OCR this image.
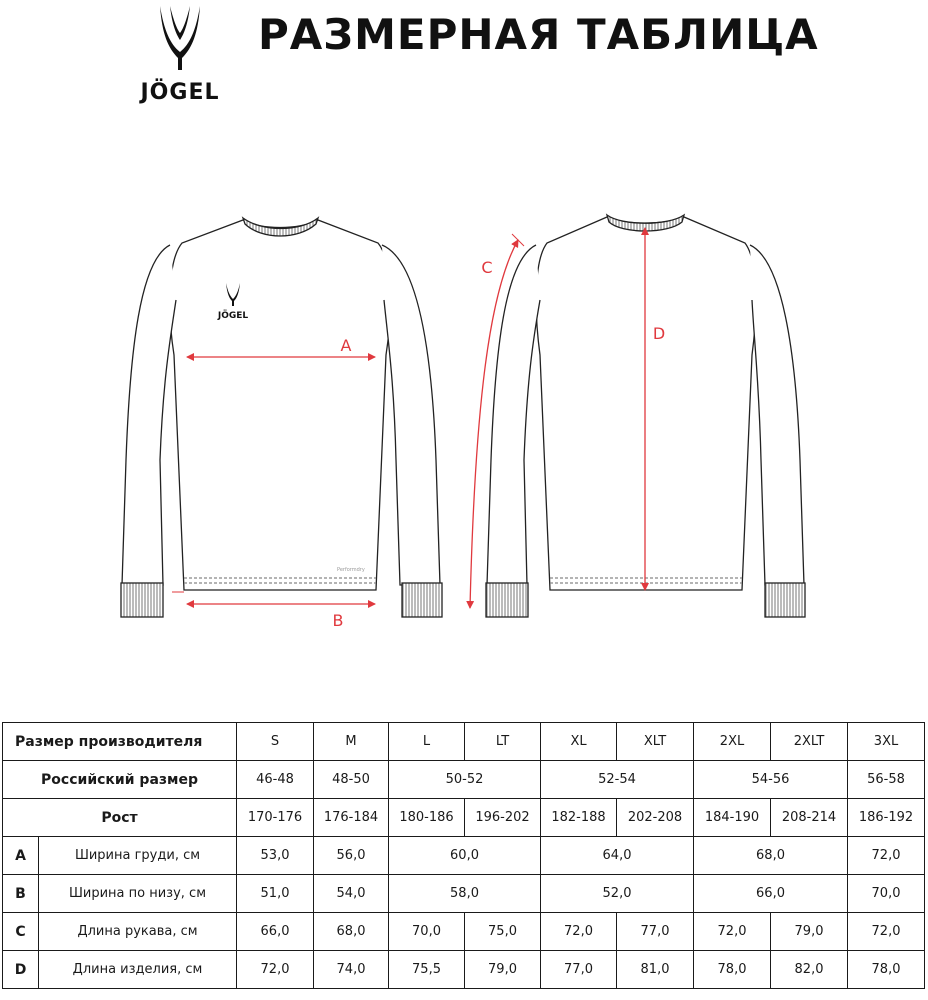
JÖGEL
РАЗМЕРНАЯ ТАБЛИЦА
JÖGEL
Performdry
A
B
C
D
Размер производителя		S	M	L	LT	XL	XLT	2XL	2XLT	3XL
Российский размер		46-48	48-50	50-52		52-54		54-56		56-58
Рост		170-176	176-184	180-186	196-202	182-188	202-208	184-190	208-214	186-192
A	Ширина груди, см	53,0	56,0	60,0		64,0		68,0		72,0
B	Ширина по низу, см	51,0	54,0	58,0		52,0		66,0		70,0
C	Длина рукава, см	66,0	68,0	70,0	75,0	72,0	77,0	72,0	79,0	72,0
D	Длина изделия, см	72,0	74,0	75,5	79,0	77,0	81,0	78,0	82,0	78,0
